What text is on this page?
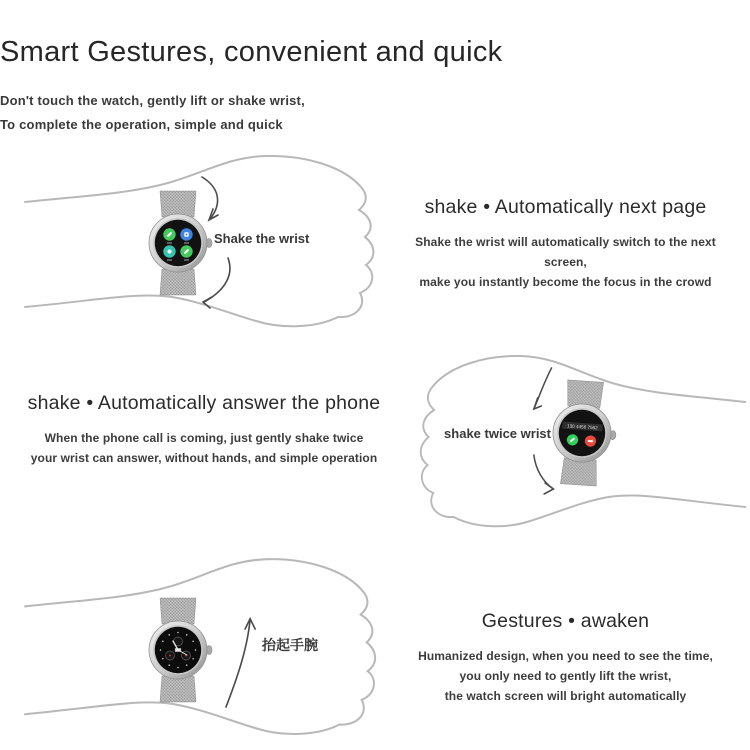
Smart Gestures, convenient and quick

Don't touch the watch, gently lift or shake wrist,

To complete the operation, simple and quick

Shake the wrist
shake • Automatically next page

Shake the wrist will automatically switch to the next screen,

make you instantly become the focus in the crowd

shake • Automatically answer the phone

When the phone call is coming, just gently shake twice

your wrist can answer, without hands, and simple operation

130 4456 7562
shake twice wrist
抬起手腕
Gestures • awaken

Humanized design, when you need to see the time,

you only need to gently lift the wrist,

the watch screen will bright automatically
